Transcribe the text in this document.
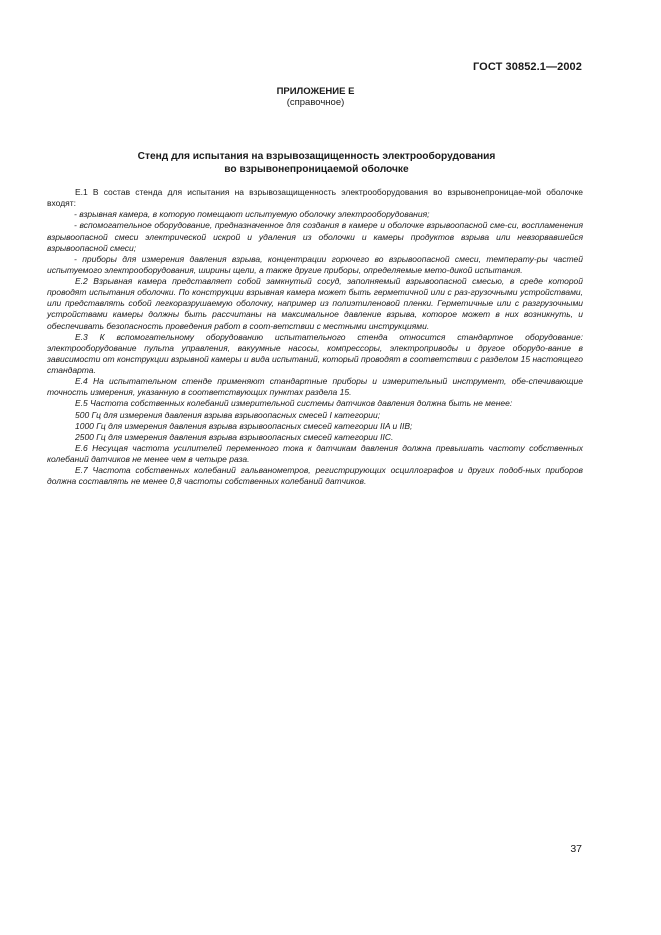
ГОСТ 30852.1—2002
ПРИЛОЖЕНИЕ Е
(справочное)
Стенд для испытания на взрывозащищенность электрооборудования
во взрывонепроницаемой оболочке

Е.1 В состав стенда для испытания на взрывозащищенность электрооборудования во взрывонепроницае-мой оболочке входят:

- взрывная камера, в которую помещают испытуемую оболочку электрооборудования;

- вспомогательное оборудование, предназначенное для создания в камере и оболочке взрывоопасной сме-си, воспламенения взрывоопасной смеси электрической искрой и удаления из оболочки и камеры продуктов взрыва или невзорвавшейся взрывоопасной смеси;

- приборы для измерения давления взрыва, концентрации горючего во взрывоопасной смеси, температу-ры частей испытуемого электрооборудования, ширины щели, а также другие приборы, определяемые мето-дикой испытания.

Е.2 Взрывная камера представляет собой замкнутый сосуд, заполняемый взрывоопасной смесью, в среде которой проводят испытания оболочки. По конструкции взрывная камера может быть герметичной или с раз-грузочными устройствами, или представлять собой легкоразрушаемую оболочку, например из полиэтиленовой пленки. Герметичные или с разгрузочными устройствами камеры должны быть рассчитаны на максимальное давление взрыва, которое может в них возникнуть, и обеспечивать безопасность проведения работ в соот-ветствии с местными инструкциями.

Е.3 К вспомогательному оборудованию испытательного стенда относится стандартное оборудование: электрооборудование пульта управления, вакуумные насосы, компрессоры, электроприводы и другое оборудо-вание в зависимости от конструкции взрывной камеры и вида испытаний, который проводят в соответствии с разделом 15 настоящего стандарта.

Е.4 На испытательном стенде применяют стандартные приборы и измерительный инструмент, обе-спечивающие точность измерения, указанную в соответствующих пунктах раздела 15.

Е.5 Частота собственных колебаний измерительной системы датчиков давления должна быть не менее:

500 Гц для измерения давления взрыва взрывоопасных смесей I категории;

1000 Гц для измерения давления взрыва взрывоопасных смесей категории IIA и IIB;

2500 Гц для измерения давления взрыва взрывоопасных смесей категории IIC.

Е.6 Несущая частота усилителей переменного тока к датчикам давления должна превышать частоту собственных колебаний датчиков не менее чем в четыре раза.

Е.7 Частота собственных колебаний гальванометров, регистрирующих осциллографов и других подоб-ных приборов должна составлять не менее 0,8 частоты собственных колебаний датчиков.

37
